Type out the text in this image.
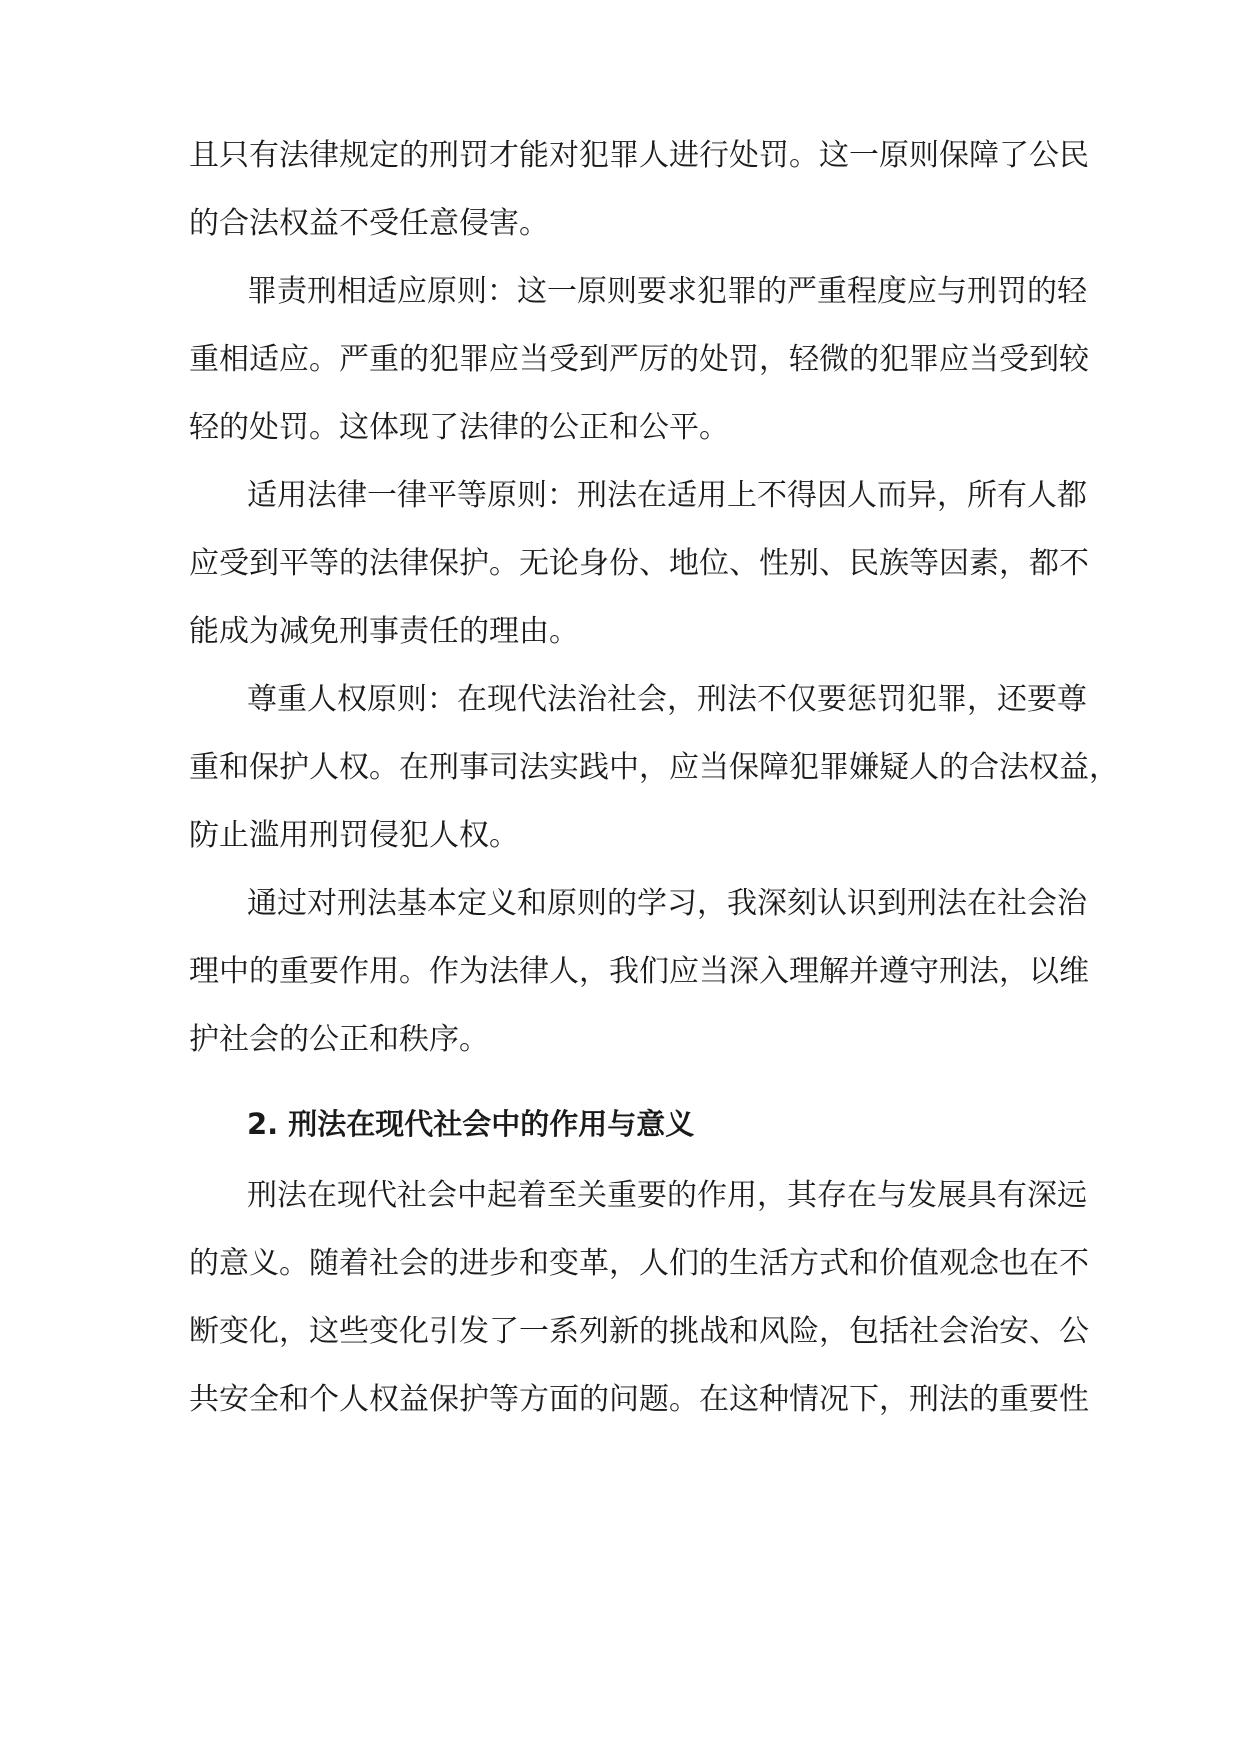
且只有法律规定的刑罚才能对犯罪人进行处罚。这一原则保障了公民
的合法权益不受任意侵害。
罪责刑相适应原则：这一原则要求犯罪的严重程度应与刑罚的轻
重相适应。严重的犯罪应当受到严厉的处罚，轻微的犯罪应当受到较
轻的处罚。这体现了法律的公正和公平。
适用法律一律平等原则：刑法在适用上不得因人而异，所有人都
应受到平等的法律保护。无论身份、地位、性别、民族等因素，都不
能成为减免刑事责任的理由。
尊重人权原则：在现代法治社会，刑法不仅要惩罚犯罪，还要尊
重和保护人权。在刑事司法实践中，应当保障犯罪嫌疑人的合法权益，
防止滥用刑罚侵犯人权。
通过对刑法基本定义和原则的学习，我深刻认识到刑法在社会治
理中的重要作用。作为法律人，我们应当深入理解并遵守刑法，以维
护社会的公正和秩序。
2. 刑法在现代社会中的作用与意义
刑法在现代社会中起着至关重要的作用，其存在与发展具有深远
的意义。随着社会的进步和变革，人们的生活方式和价值观念也在不
断变化，这些变化引发了一系列新的挑战和风险，包括社会治安、公
共安全和个人权益保护等方面的问题。在这种情况下，刑法的重要性
